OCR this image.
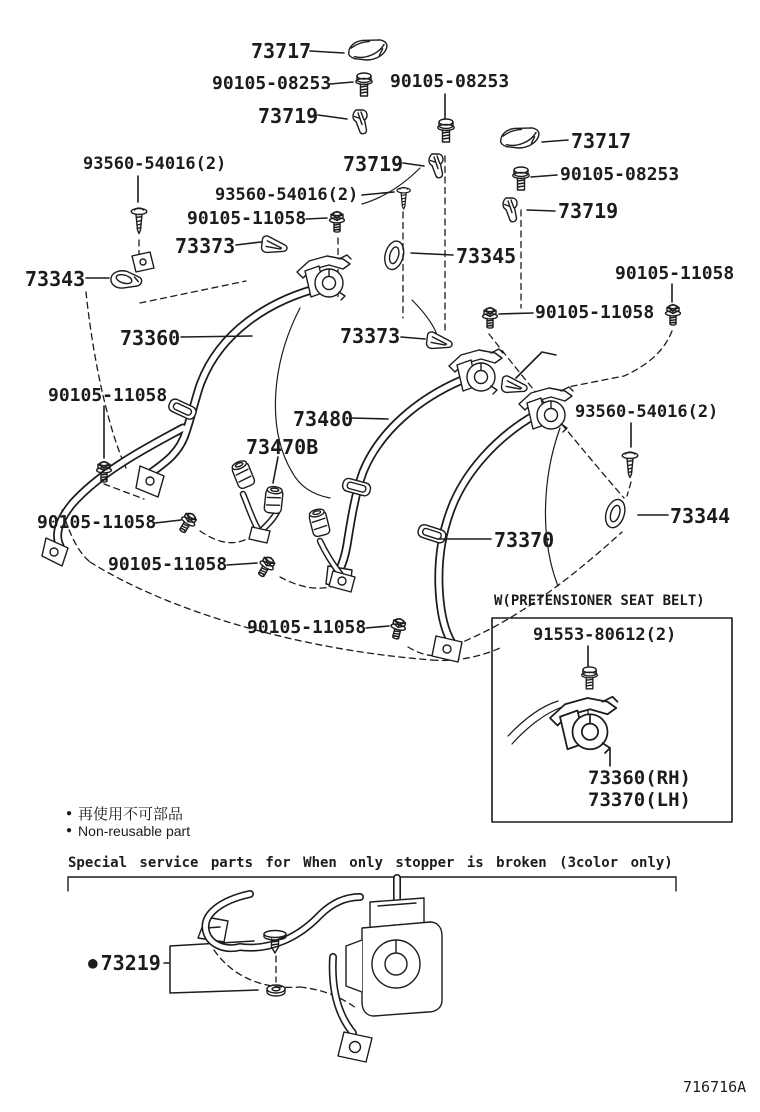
73717
90105-08253
73719
90105-08253
73719
73717
90105-08253
73719
93560-54016(2)
93560-54016(2)
90105-11058
73373
73343
73345
90105-11058
90105-11058
73360	73373
73480
73470B
93560-54016(2)
90105-11058
73344
90105-11058
90105-11058
73370
90105-11058
W(PRETENSIONER SEAT BELT)
91553-80612(2)
73360(RH)
73370(LH)
● 再使用不可部品
● Non-reusable part
Special service parts for When only stopper is broken (3color only)
● 73219
716716A
